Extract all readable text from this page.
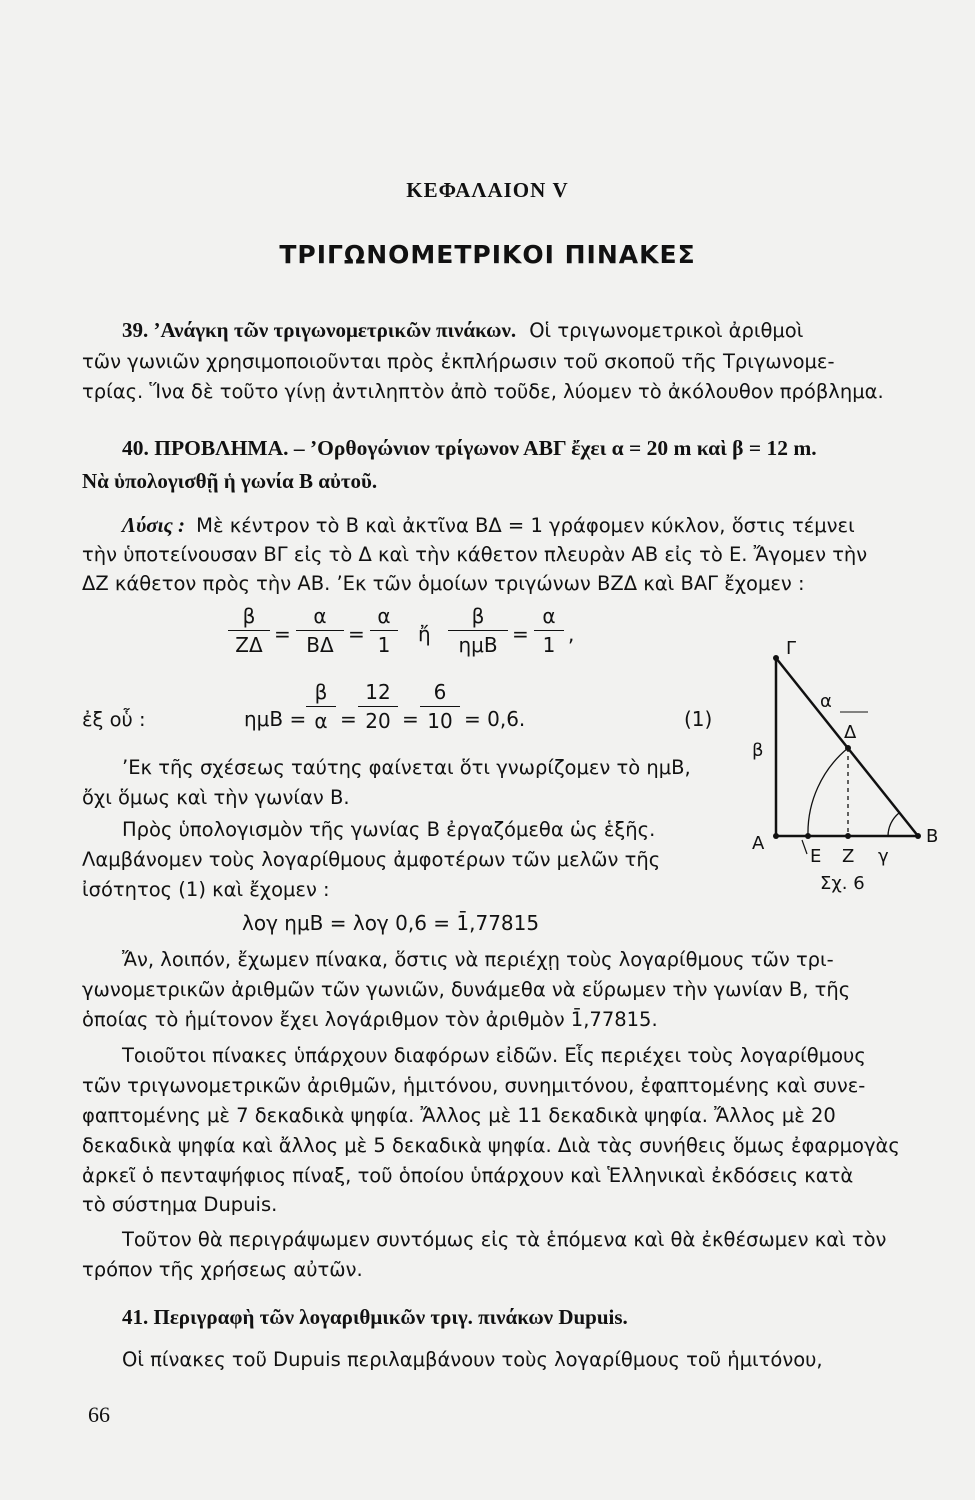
ΚΕΦΑΛΑΙΟΝ V
ΤΡΙΓΩΝΟΜΕΤΡΙΚΟΙ ΠΙΝΑΚΕΣ
39. ’Ανάγκη τῶν τριγωνομετρικῶν πινάκων. Οἱ τριγωνομετρικοὶ ἀριθμοὶ
τῶν γωνιῶν χρησιμοποιοῦνται πρὸς ἐκπλήρωσιν τοῦ σκοποῦ τῆς Τριγωνομε-
τρίας. Ἵνα δὲ τοῦτο γίνῃ ἀντιληπτὸν ἀπὸ τοῦδε, λύομεν τὸ ἀκόλουθον πρόβλημα.
40. ΠΡΟΒΛΗΜΑ. – ’Ορθογώνιον τρίγωνον ΑΒΓ ἔχει α = 20 m καὶ β = 12 m.
Νὰ ὑπολογισθῇ ἡ γωνία Β αὐτοῦ.
Λύσις : Μὲ κέντρον τὸ Β καὶ ἀκτῖνα ΒΔ = 1 γράφομεν κύκλον, ὅστις τέμνει
τὴν ὑποτείνουσαν ΒΓ εἰς τὸ Δ καὶ τὴν κάθετον πλευρὰν ΑΒ εἰς τὸ Ε. Ἄγομεν τὴν
ΔΖ κάθετον πρὸς τὴν ΑΒ. ’Εκ τῶν ὁμοίων τριγώνων ΒΖΔ καὶ ΒΑΓ ἔχομεν :
$\frac{\beta}{Z\Delta} = \frac{\alpha}{B\Delta} = \frac{\alpha}{1}$ ἤ
β
$\eta\mu B = \frac{\alpha}{1}$ ,
ἐξ οὗ :	$\eta\mu B = \frac{\beta}{\alpha} = \frac{12}{20} = \frac{6}{10} = 0,6$.	(1)
’Εκ τῆς σχέσεως ταύτης φαίνεται ὅτι γνωρίζομεν τὸ ημΒ,
ὄχι ὅμως καὶ τὴν γωνίαν Β.
Πρὸς ὑπολογισμὸν τῆς γωνίας Β ἐργαζόμεθα ὡς ἑξῆς.
Λαμβάνομεν τοὺς λογαρίθμους ἀμφοτέρων τῶν μελῶν τῆς
ἰσότητος (1) καὶ ἔχομεν :
λογ ημΒ = λογ 0,6 = 1̄,77815
Ἄν, λοιπόν, ἔχωμεν πίνακα, ὅστις νὰ περιέχῃ τοὺς λογαρίθμους τῶν τρι-
γωνομετρικῶν ἀριθμῶν τῶν γωνιῶν, δυνάμεθα νὰ εὕρωμεν τὴν γωνίαν Β, τῆς
ὁποίας τὸ ἡμίτονον ἔχει λογάριθμον τὸν ἀριθμὸν 1̄,77815.
Τοιοῦτοι πίνακες ὑπάρχουν διαφόρων εἰδῶν. Εἷς περιέχει τοὺς λογαρίθμους
τῶν τριγωνομετρικῶν ἀριθμῶν, ἡμιτόνου, συνημιτόνου, ἐφαπτομένης καὶ συνε-
φαπτομένης μὲ 7 δεκαδικὰ ψηφία. Ἄλλος μὲ 11 δεκαδικὰ ψηφία. Ἄλλος μὲ 20
δεκαδικὰ ψηφία καὶ ἄλλος μὲ 5 δεκαδικὰ ψηφία. Διὰ τὰς συνήθεις ὅμως ἐφαρμογὰς
ἀρκεῖ ὁ πενταψήφιος πίναξ, τοῦ ὁποίου ὑπάρχουν καὶ Ἑλληνικαὶ ἐκδόσεις κατὰ
τὸ σύστημα Dupuis.
Τοῦτον θὰ περιγράψωμεν συντόμως εἰς τὰ ἑπόμενα καὶ θὰ ἐκθέσωμεν καὶ τὸν
τρόπον τῆς χρήσεως αὐτῶν.
41. Περιγραφὴ τῶν λογαριθμικῶν τριγ. πινάκων Dupuis.
Οἱ πίνακες τοῦ Dupuis περιλαμβάνουν τοὺς λογαρίθμους τοῦ ἡμιτόνου,
Γ
α
Δ
β
Α	Β
Ε Ζ γ
Σχ. 6
66
